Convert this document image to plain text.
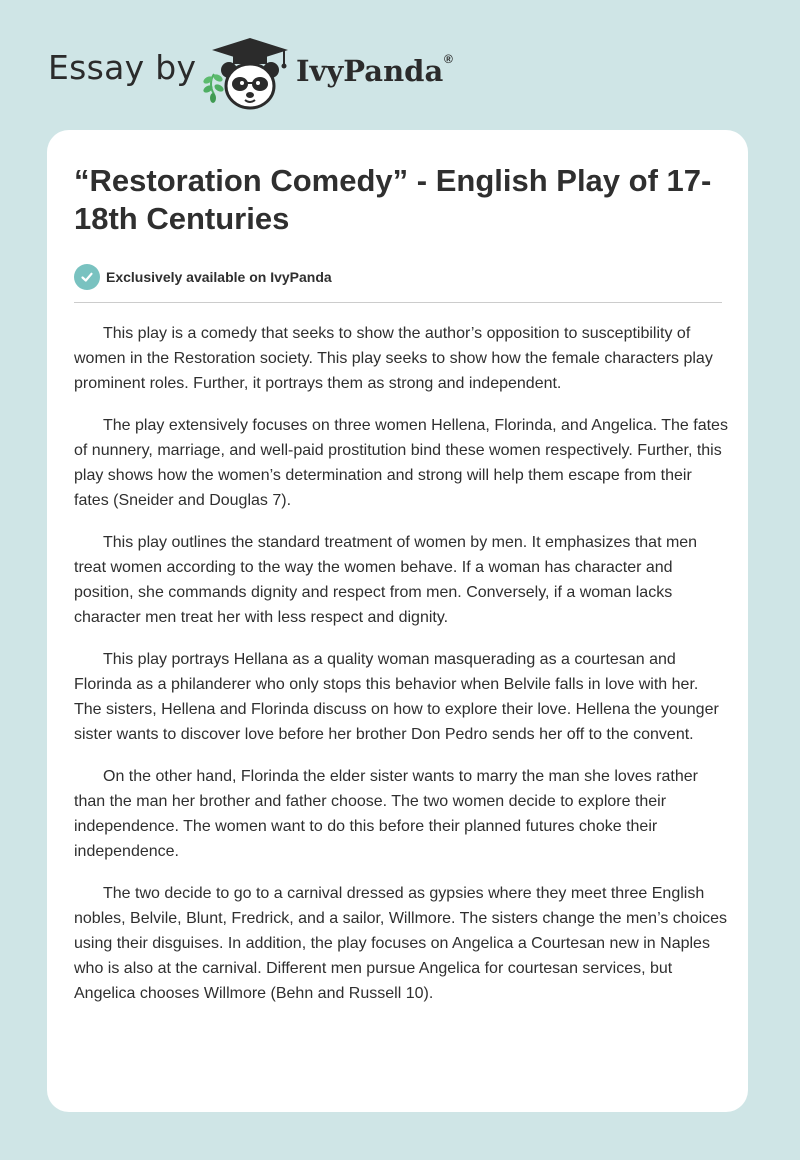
Essay by	IvyPanda ®
“Restoration Comedy” - English Play of 17-18th Centuries
Exclusively available on IvyPanda

This play is a comedy that seeks to show the author’s opposition to susceptibility of women in the Restoration society. This play seeks to show how the female characters play prominent roles. Further, it portrays them as strong and independent.

The play extensively focuses on three women Hellena, Florinda, and Angelica. The fates of nunnery, marriage, and well-paid prostitution bind these women respectively. Further, this play shows how the women’s determination and strong will help them escape from their fates (Sneider and Douglas 7).

This play outlines the standard treatment of women by men. It emphasizes that men treat women according to the way the women behave. If a woman has character and position, she commands dignity and respect from men. Conversely, if a woman lacks character men treat her with less respect and dignity.

This play portrays Hellana as a quality woman masquerading as a courtesan and Florinda as a philanderer who only stops this behavior when Belvile falls in love with her. The sisters, Hellena and Florinda discuss on how to explore their love. Hellena the younger sister wants to discover love before her brother Don Pedro sends her off to the convent.

On the other hand, Florinda the elder sister wants to marry the man she loves rather than the man her brother and father choose. The two women decide to explore their independence. The women want to do this before their planned futures choke their independence.

The two decide to go to a carnival dressed as gypsies where they meet three English nobles, Belvile, Blunt, Fredrick, and a sailor, Willmore. The sisters change the men’s choices using their disguises. In addition, the play focuses on Angelica a Courtesan new in Naples who is also at the carnival. Different men pursue Angelica for courtesan services, but Angelica chooses Willmore (Behn and Russell 10).
